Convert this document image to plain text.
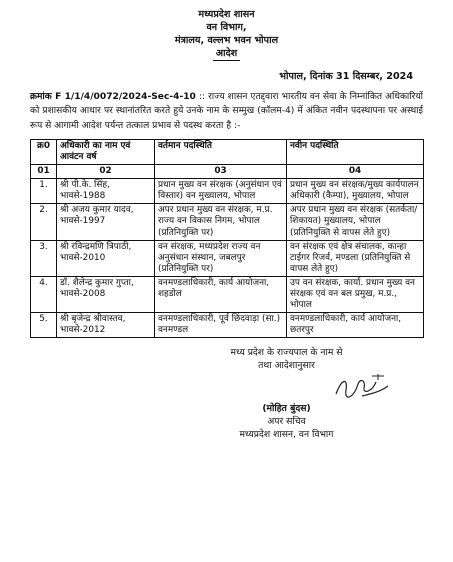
मध्यप्रदेश शासन
वन विभाग,
मंत्रालय, वल्लभ भवन भोपाल
आदेश
भोपाल, दिनांक 31 दिसम्बर, 2024
क्रमांक F 1/1/4/0072/2024-Sec-4-10 :: राज्य शासन एतद्द्वारा भारतीय वन सेवा के निम्नांकित अधिकारियों को प्रशासकीय आधार पर स्थानांतरित करते हुये उनके नाम के सम्मुख (कॉलम-4) में अंकित नवीन पदस्थापना पर अस्थाई रूप से आगामी आदेश पर्यन्त तत्काल प्रभाव से पदस्थ करता है :-
क्र0	अधिकारी का नाम एवं आवंटन वर्ष	वर्तमान पदस्थिति	नवीन पदस्थिति
01	02	03	04
1.	श्री पी.के. सिंह, भावसे-1988	प्रधान मुख्य वन संरक्षक (अनुसंधान एवं विस्तार) वन मुख्यालय, भोपाल	प्रधान मुख्य वन संरक्षक/मुख्य कार्यपालन अधिकारी (कैम्पा), मुख्यालय, भोपाल
2.	श्री अजय कुमार यादव, भावसे-1997	अपर प्रधान मुख्य वन संरक्षक, म.प्र. राज्य वन विकास निगम, भोपाल (प्रतिनियुक्ति पर)	अपर प्रधान मुख्य वन संरक्षक (सतर्कता/शिकायत) मुख्यालय, भोपाल (प्रतिनियुक्ति से वापस लेते हुए)
3.	श्री रविन्द्रमणि त्रिपाठी, भावसे-2010	वन संरक्षक, मध्यप्रदेश राज्य वन अनुसंधान संस्थान, जबलपुर (प्रतिनियुक्ति पर)	वन संरक्षक एवं क्षेत्र संचालक, कान्हा टाईगर रिजर्व, मण्डला (प्रतिनियुक्ति से वापस लेते हुए)
4.	डॉ. शैलेन्द्र कुमार गुप्ता, भावसे-2008	वनमण्डलाधिकारी, कार्य आयोजना, शहडोल	उप वन संरक्षक, कार्या. प्रधान मुख्य वन संरक्षक एवं वन बल प्रमुख, म.प्र., भोपाल
5.	श्री बृजेन्द्र श्रीवास्तव, भावसे-2012	वनमण्डलाधिकारी, पूर्व छिंदवाड़ा (सा.) वनमण्डल	वनमण्डलाधिकारी, कार्य आयोजना, छतरपुर
मध्य प्रदेश के राज्यपाल के नाम से
तथा आदेशानुसार
(मोहित बुंदस)
अपर सचिव
मध्यप्रदेश शासन, वन विभाग
